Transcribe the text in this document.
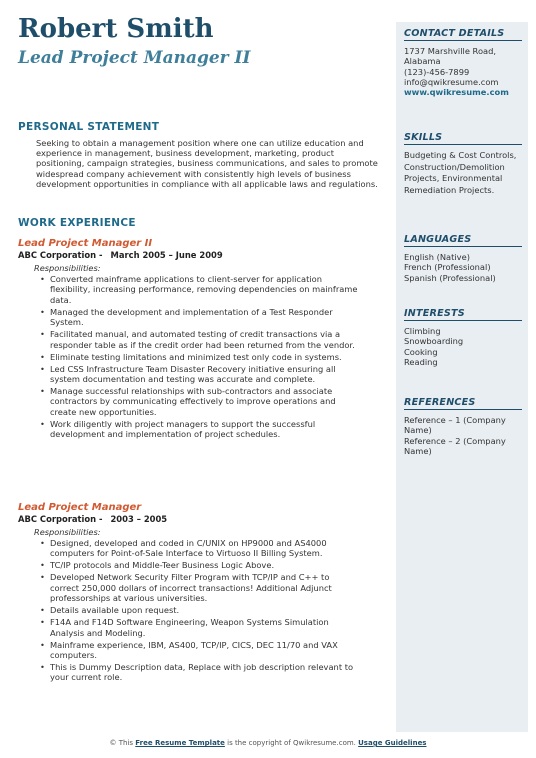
Robert Smith
Lead Project Manager II
PERSONAL STATEMENT
Seeking to obtain a management position where one can utilize education and experience in management, business development, marketing, product positioning, campaign strategies, business communications, and sales to promote widespread company achievement with consistently high levels of business development opportunities in compliance with all applicable laws and regulations.
WORK EXPERIENCE
Lead Project Manager II
ABC Corporation - March 2005 – June 2009
Responsibilities:
• Converted mainframe applications to client-server for application flexibility, increasing performance, removing dependencies on mainframe data.
• Managed the development and implementation of a Test Responder System.
• Facilitated manual, and automated testing of credit transactions via a responder table as if the credit order had been returned from the vendor.
• Eliminate testing limitations and minimized test only code in systems.
• Led CSS Infrastructure Team Disaster Recovery initiative ensuring all system documentation and testing was accurate and complete.
• Manage successful relationships with sub-contractors and associate contractors by communicating effectively to improve operations and create new opportunities.
• Work diligently with project managers to support the successful development and implementation of project schedules.
Lead Project Manager
ABC Corporation - 2003 – 2005
Responsibilities:
• Designed, developed and coded in C/UNIX on HP9000 and AS4000 computers for Point-of-Sale Interface to Virtuoso II Billing System.
• TC/IP protocols and Middle-Teer Business Logic Above.
• Developed Network Security Filter Program with TCP/IP and C++ to correct 250,000 dollars of incorrect transactions! Additional Adjunct professorships at various universities.
• Details available upon request.
• F14A and F14D Software Engineering, Weapon Systems Simulation Analysis and Modeling.
• Mainframe experience, IBM, AS400, TCP/IP, CICS, DEC 11/70 and VAX computers.
• This is Dummy Description data, Replace with job description relevant to your current role.
CONTACT DETAILS
1737 Marshville Road,
Alabama
(123)-456-7899
info@qwikresume.com
www.qwikresume.com
SKILLS
Budgeting & Cost Controls, Construction/Demolition Projects, Environmental Remediation Projects.
LANGUAGES
English (Native)
French (Professional)
Spanish (Professional)
INTERESTS
Climbing
Snowboarding
Cooking
Reading
REFERENCES
Reference – 1 (Company Name)
Reference – 2 (Company Name)
© This Free Resume Template is the copyright of Qwikresume.com. Usage Guidelines
